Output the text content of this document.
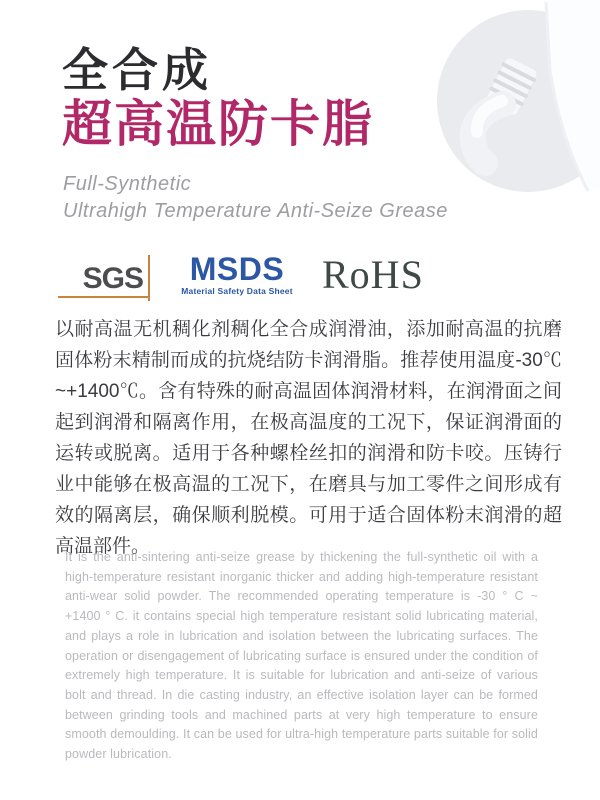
全合成
超高温防卡脂
Full-Synthetic
Ultrahigh Temperature Anti-Seize Grease
SGS	MSDS
Material Safety Data Sheet RoHS
以耐高温无机稠化剂稠化全合成润滑油，添加耐高温的抗磨固体粉末精制而成的抗烧结防卡润滑脂。推荐使用温度-30℃ ~+1400℃。含有特殊的耐高温固体润滑材料，在润滑面之间起到润滑和隔离作用，在极高温度的工况下，保证润滑面的运转或脱离。适用于各种螺栓丝扣的润滑和防卡咬。压铸行业中能够在极高温的工况下，在磨具与加工零件之间形成有效的隔离层，确保顺利脱模。可用于适合固体粉末润滑的超高温部件。
It is the anti-sintering anti-seize grease by thickening the full-synthetic oil with a high-temperature resistant inorganic thicker and adding high-temperature resistant anti-wear solid powder. The recommended operating temperature is -30 ° C ~ +1400 ° C. it contains special high temperature resistant solid lubricating material, and plays a role in lubrication and isolation between the lubricating surfaces. The operation or disengagement of lubricating surface is ensured under the condition of extremely high temperature. It is suitable for lubrication and anti-seize of various bolt and thread. In die casting industry, an effective isolation layer can be formed between grinding tools and machined parts at very high temperature to ensure smooth demoulding. It can be used for ultra-high temperature parts suitable for solid powder lubrication.
